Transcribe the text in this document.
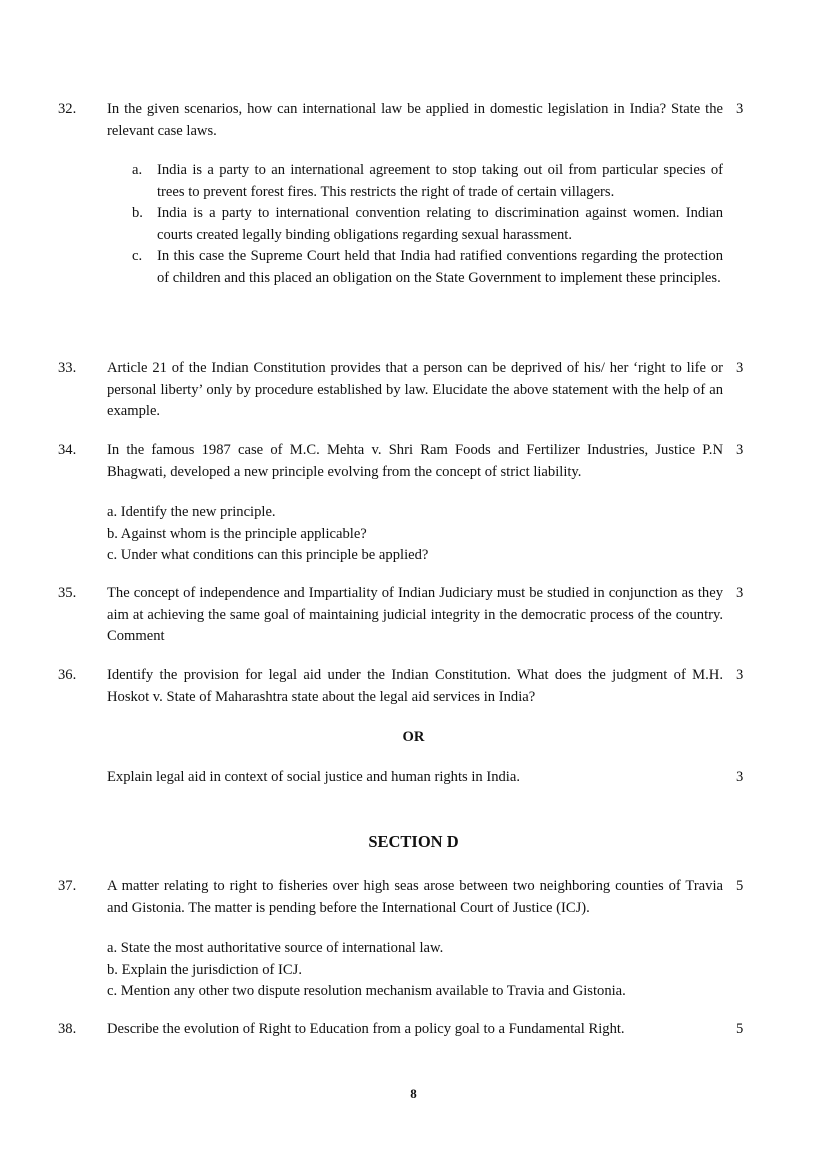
32. In the given scenarios, how can international law be applied in domestic legislation in India? State the relevant case laws.
3
a. India is a party to an international agreement to stop taking out oil from particular species of trees to prevent forest fires. This restricts the right of trade of certain villagers.
b. India is a party to international convention relating to discrimination against women. Indian courts created legally binding obligations regarding sexual harassment.
c. In this case the Supreme Court held that India had ratified conventions regarding the protection of children and this placed an obligation on the State Government to implement these principles.
33. Article 21 of the Indian Constitution provides that a person can be deprived of his/ her ‘right to life or personal liberty’ only by procedure established by law. Elucidate the above statement with the help of an example.
3
34. In the famous 1987 case of M.C. Mehta v. Shri Ram Foods and Fertilizer Industries, Justice P.N Bhagwati, developed a new principle evolving from the concept of strict liability.
3
a. Identify the new principle.
b. Against whom is the principle applicable?
c. Under what conditions can this principle be applied?
35. The concept of independence and Impartiality of Indian Judiciary must be studied in conjunction as they aim at achieving the same goal of maintaining judicial integrity in the democratic process of the country. Comment
3
36. Identify the provision for legal aid under the Indian Constitution. What does the judgment of M.H. Hoskot v. State of Maharashtra state about the legal aid services in India?
3
OR
Explain legal aid in context of social justice and human rights in India.	3
SECTION D
37. A matter relating to right to fisheries over high seas arose between two neighboring counties of Travia and Gistonia. The matter is pending before the International Court of Justice (ICJ).
5
a. State the most authoritative source of international law.
b. Explain the jurisdiction of ICJ.
c. Mention any other two dispute resolution mechanism available to Travia and Gistonia.
38. Describe the evolution of Right to Education from a policy goal to a Fundamental Right.	5
8
